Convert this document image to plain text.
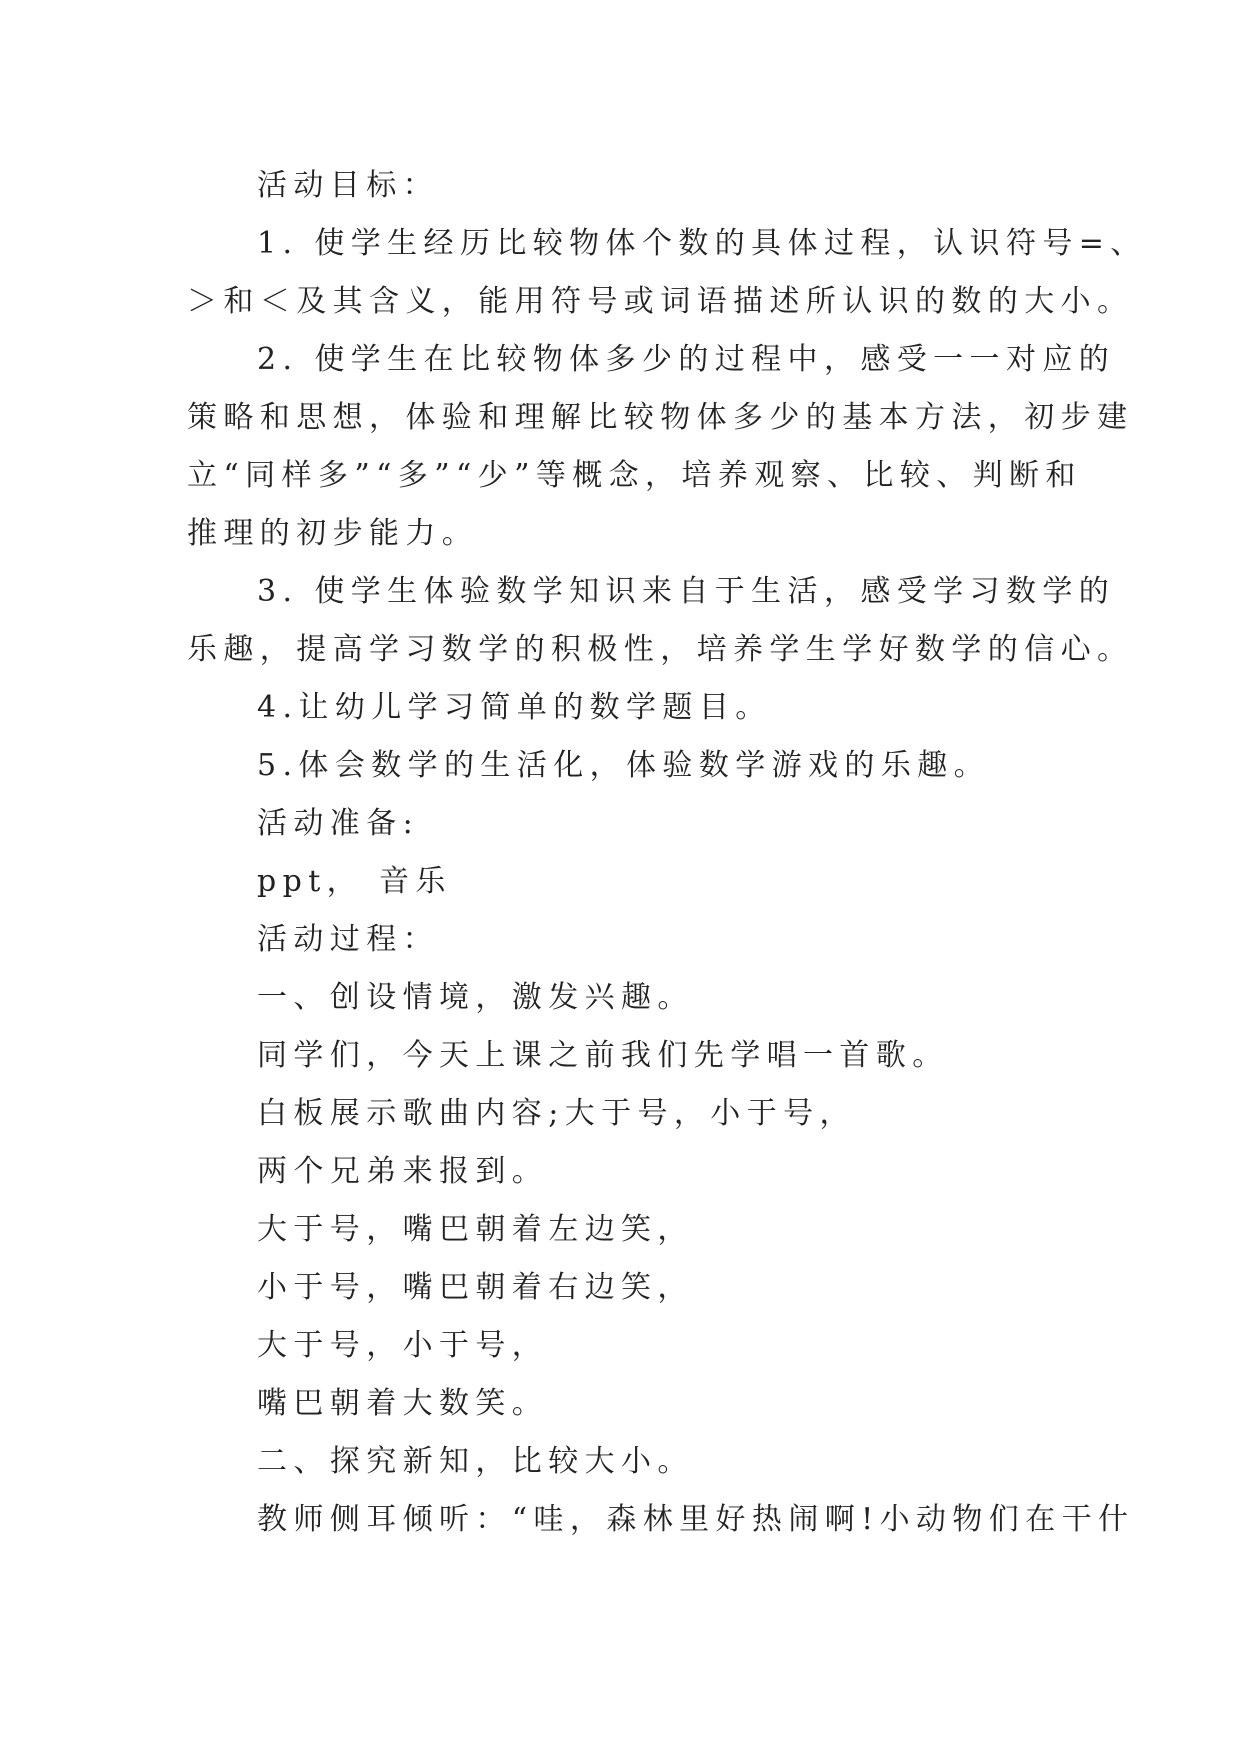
活动目标：

1. 使学生经历比较物体个数的具体过程，认识符号=、

＞和＜及其含义，能用符号或词语描述所认识的数的大小。

2. 使学生在比较物体多少的过程中，感受一一对应的

策略和思想，体验和理解比较物体多少的基本方法，初步建

立“同样多”“多”“少”等概念，培养观察、比较、判断和

推理的初步能力。

3. 使学生体验数学知识来自于生活，感受学习数学的

乐趣，提高学习数学的积极性，培养学生学好数学的信心。

4.让幼儿学习简单的数学题目。

5.体会数学的生活化，体验数学游戏的乐趣。

活动准备:

ppt， 音乐

活动过程：

一、创设情境，激发兴趣。

同学们，今天上课之前我们先学唱一首歌。

白板展示歌曲内容;大于号，小于号，

两个兄弟来报到。

大于号，嘴巴朝着左边笑，

小于号，嘴巴朝着右边笑，

大于号，小于号，

嘴巴朝着大数笑。

二、探究新知，比较大小。

教师侧耳倾听：“哇，森林里好热闹啊!小动物们在干什
